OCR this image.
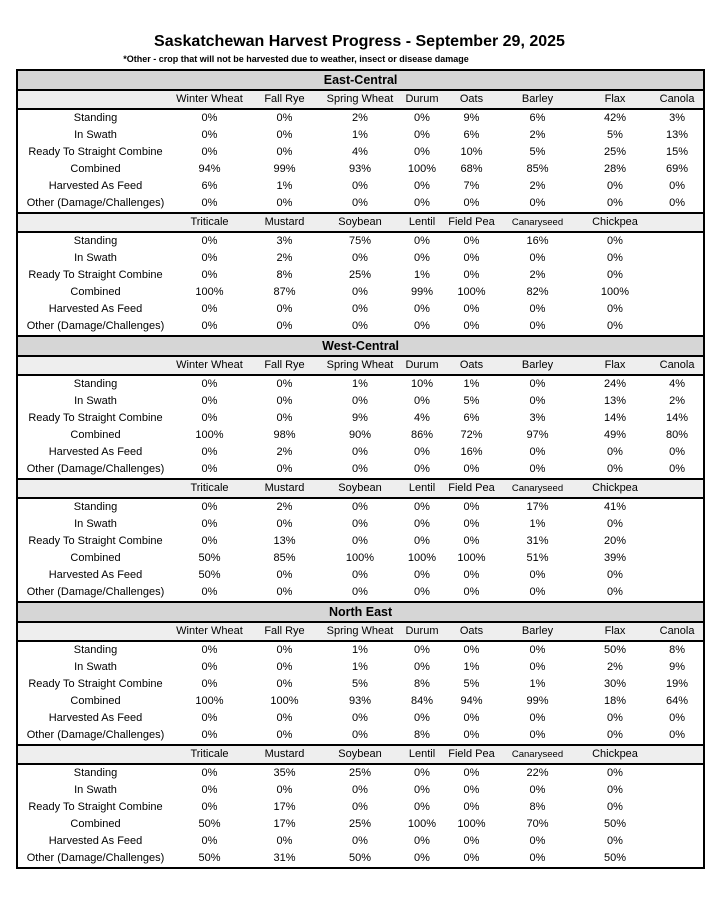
Saskatchewan Harvest Progress - September 29, 2025
*Other - crop that will not be harvested due to weather, insect or disease damage
East-Central								
	Winter Wheat	Fall Rye	Spring Wheat	Durum	Oats	Barley	Flax	Canola
Standing	0%	0%	2%	0%	9%	6%	42%	3%
In Swath	0%	0%	1%	0%	6%	2%	5%	13%
Ready To Straight Combine	0%	0%	4%	0%	10%	5%	25%	15%
Combined	94%	99%	93%	100%	68%	85%	28%	69%
Harvested As Feed	6%	1%	0%	0%	7%	2%	0%	0%
Other (Damage/Challenges)	0%	0%	0%	0%	0%	0%	0%	0%
	Triticale	Mustard	Soybean	Lentil	Field Pea	Canaryseed	Chickpea	
Standing	0%	3%	75%	0%	0%	16%	0%	
In Swath	0%	2%	0%	0%	0%	0%	0%	
Ready To Straight Combine	0%	8%	25%	1%	0%	2%	0%	
Combined	100%	87%	0%	99%	100%	82%	100%	
Harvested As Feed	0%	0%	0%	0%	0%	0%	0%	
Other (Damage/Challenges)	0%	0%	0%	0%	0%	0%	0%	
West-Central								
	Winter Wheat	Fall Rye	Spring Wheat	Durum	Oats	Barley	Flax	Canola
Standing	0%	0%	1%	10%	1%	0%	24%	4%
In Swath	0%	0%	0%	0%	5%	0%	13%	2%
Ready To Straight Combine	0%	0%	9%	4%	6%	3%	14%	14%
Combined	100%	98%	90%	86%	72%	97%	49%	80%
Harvested As Feed	0%	2%	0%	0%	16%	0%	0%	0%
Other (Damage/Challenges)	0%	0%	0%	0%	0%	0%	0%	0%
	Triticale	Mustard	Soybean	Lentil	Field Pea	Canaryseed	Chickpea	
Standing	0%	2%	0%	0%	0%	17%	41%	
In Swath	0%	0%	0%	0%	0%	1%	0%	
Ready To Straight Combine	0%	13%	0%	0%	0%	31%	20%	
Combined	50%	85%	100%	100%	100%	51%	39%	
Harvested As Feed	50%	0%	0%	0%	0%	0%	0%	
Other (Damage/Challenges)	0%	0%	0%	0%	0%	0%	0%	
North East								
	Winter Wheat	Fall Rye	Spring Wheat	Durum	Oats	Barley	Flax	Canola
Standing	0%	0%	1%	0%	0%	0%	50%	8%
In Swath	0%	0%	1%	0%	1%	0%	2%	9%
Ready To Straight Combine	0%	0%	5%	8%	5%	1%	30%	19%
Combined	100%	100%	93%	84%	94%	99%	18%	64%
Harvested As Feed	0%	0%	0%	0%	0%	0%	0%	0%
Other (Damage/Challenges)	0%	0%	0%	8%	0%	0%	0%	0%
	Triticale	Mustard	Soybean	Lentil	Field Pea	Canaryseed	Chickpea	
Standing	0%	35%	25%	0%	0%	22%	0%	
In Swath	0%	0%	0%	0%	0%	0%	0%	
Ready To Straight Combine	0%	17%	0%	0%	0%	8%	0%	
Combined	50%	17%	25%	100%	100%	70%	50%	
Harvested As Feed	0%	0%	0%	0%	0%	0%	0%	
Other (Damage/Challenges)	50%	31%	50%	0%	0%	0%	50%	
